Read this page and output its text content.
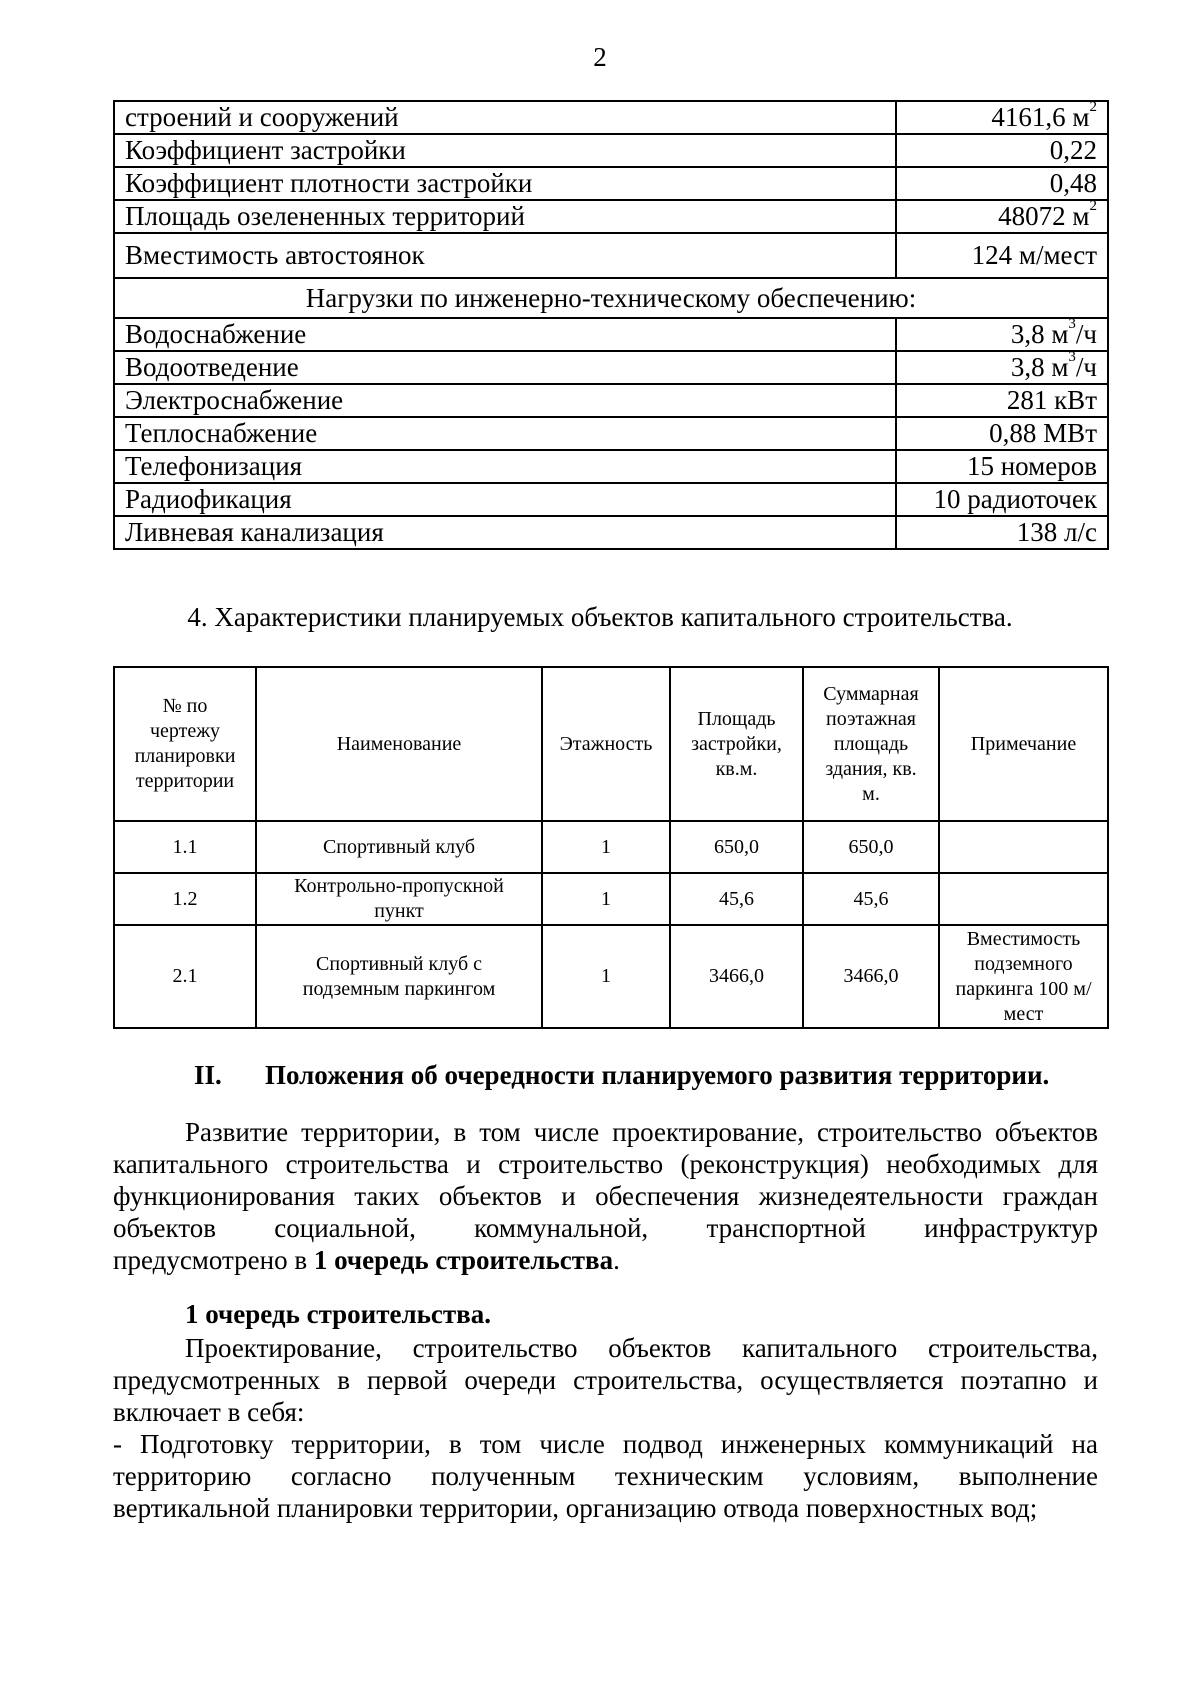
2
строений и сооружений	4161,6 $м^2$
Коэффициент застройки	0,22
Коэффициент плотности застройки	0,48
Площадь озелененных территорий	48072 $м^2$
Вместимость автостоянок	124 м/мест
Нагрузки по инженерно-техническому обеспечению:	
Водоснабжение	3,8 $м^3/ч$
Водоотведение	3,8 $м^3/ч$
Электроснабжение	281 кВт
Теплоснабжение	0,88 МВт
Телефонизация	15 номеров
Радиофикация	10 радиоточек
Ливневая канализация	138 л/с
4. Характеристики планируемых объектов капитального строительства.
№ по чертежу планировки территории	Наименование	Этажность	Площадь застройки, кв.м.	Суммарная поэтажная площадь здания, кв. м.	Примечание
1.1	Спортивный клуб	1	650,0	650,0	
1.2	Контрольно-пропускной пункт	1	45,6	45,6	
2.1	Спортивный клуб с подземным паркингом	1	3466,0	3466,0	Вместимость подземного паркинга 100 м/мест
II. Положения об очередности планируемого развития территории.
Развитие территории, в том числе проектирование, строительство объектов
капитального строительства и строительство (реконструкция) необходимых для
функционирования таких объектов и обеспечения жизнедеятельности граждан
объектов социальной, коммунальной, транспортной инфраструктур
предусмотрено в 1 очередь строительства.
1 очередь строительства.
Проектирование, строительство объектов капитального строительства,
предусмотренных в первой очереди строительства, осуществляется поэтапно и
включает в себя:
- Подготовку территории, в том числе подвод инженерных коммуникаций на
территорию согласно полученным техническим условиям, выполнение
вертикальной планировки территории, организацию отвода поверхностных вод;
